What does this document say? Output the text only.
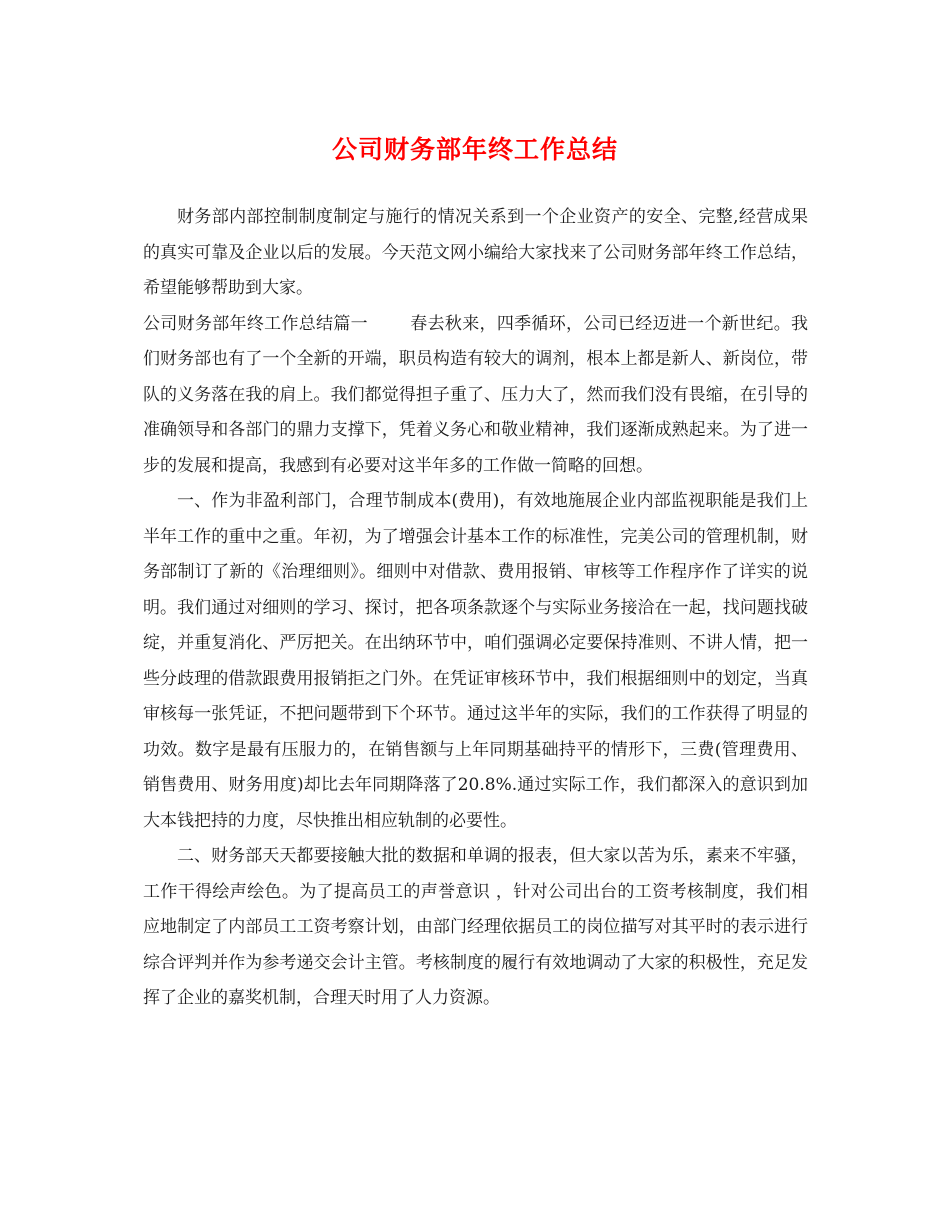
公司财务部年终工作总结

财务部内部控制制度制定与施行的情况关系到一个企业资产的安全、完整,经营成果的真实可靠及企业以后的发展。今天范文网小编给大家找来了公司财务部年终工作总结，希望能够帮助到大家。

公司财务部年终工作总结篇一 春去秋来，四季循环，公司已经迈进一个新世纪。我们财务部也有了一个全新的开端，职员构造有较大的调剂，根本上都是新人、新岗位，带队的义务落在我的肩上。我们都觉得担子重了、压力大了，然而我们没有畏缩，在引导的准确领导和各部门的鼎力支撑下，凭着义务心和敬业精神，我们逐渐成熟起来。为了进一步的发展和提高，我感到有必要对这半年多的工作做一简略的回想。

一、作为非盈利部门，合理节制成本(费用)，有效地施展企业内部监视职能是我们上半年工作的重中之重。年初，为了增强会计基本工作的标准性，完美公司的管理机制，财务部制订了新的《治理细则》。细则中对借款、费用报销、审核等工作程序作了详实的说明。我们通过对细则的学习、探讨，把各项条款逐个与实际业务接洽在一起，找问题找破绽，并重复消化、严厉把关。在出纳环节中，咱们强调必定要保持准则、不讲人情，把一些分歧理的借款跟费用报销拒之门外。在凭证审核环节中，我们根据细则中的划定，当真审核每一张凭证，不把问题带到下个环节。通过这半年的实际，我们的工作获得了明显的功效。数字是最有压服力的，在销售额与上年同期基础持平的情形下，三费(管理费用、销售费用、财务用度)却比去年同期降落了20.8%.通过实际工作，我们都深入的意识到加大本钱把持的力度，尽快推出相应轨制的必要性。

二、财务部天天都要接触大批的数据和单调的报表，但大家以苦为乐，素来不牢骚，工作干得绘声绘色。为了提高员工的声誉意识 ，针对公司出台的工资考核制度，我们相应地制定了内部员工工资考察计划，由部门经理依据员工的岗位描写对其平时的表示进行综合评判并作为参考递交会计主管。考核制度的履行有效地调动了大家的积极性，充足发挥了企业的嘉奖机制，合理天时用了人力资源。
